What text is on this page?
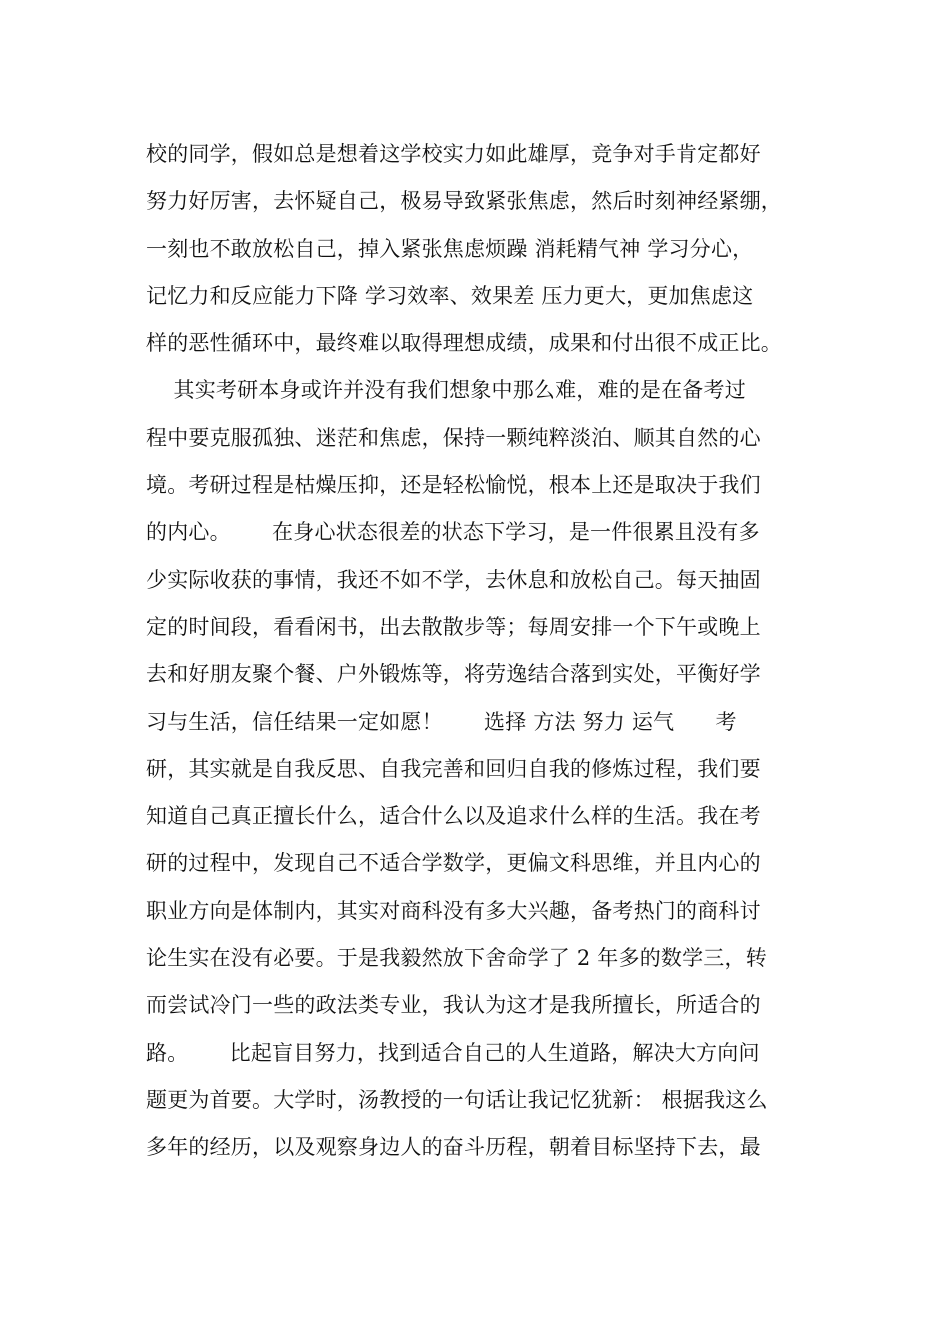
校的同学，假如总是想着这学校实力如此雄厚，竞争对手肯定都好
努力好厉害，去怀疑自己，极易导致紧张焦虑，然后时刻神经紧绷，
一刻也不敢放松自己，掉入紧张焦虑烦躁 消耗精气神 学习分心，
记忆力和反应能力下降 学习效率、效果差 压力更大，更加焦虑这
样的恶性循环中，最终难以取得理想成绩，成果和付出很不成正比。
其实考研本身或许并没有我们想象中那么难，难的是在备考过
程中要克服孤独、迷茫和焦虑，保持一颗纯粹淡泊、顺其自然的心
境。考研过程是枯燥压抑，还是轻松愉悦，根本上还是取决于我们
的内心。      在身心状态很差的状态下学习，是一件很累且没有多
少实际收获的事情，我还不如不学，去休息和放松自己。每天抽固
定的时间段，看看闲书，出去散散步等；每周安排一个下午或晚上
去和好朋友聚个餐、户外锻炼等，将劳逸结合落到实处，平衡好学
习与生活，信任结果一定如愿！      选择 方法 努力 运气      考
研，其实就是自我反思、自我完善和回归自我的修炼过程，我们要
知道自己真正擅长什么，适合什么以及追求什么样的生活。我在考
研的过程中，发现自己不适合学数学，更偏文科思维，并且内心的
职业方向是体制内，其实对商科没有多大兴趣，备考热门的商科讨
论生实在没有必要。于是我毅然放下舍命学了 2 年多的数学三，转
而尝试冷门一些的政法类专业，我认为这才是我所擅长，所适合的
路。      比起盲目努力，找到适合自己的人生道路，解决大方向问
题更为首要。大学时，汤教授的一句话让我记忆犹新： 根据我这么
多年的经历，以及观察身边人的奋斗历程，朝着目标坚持下去，最
